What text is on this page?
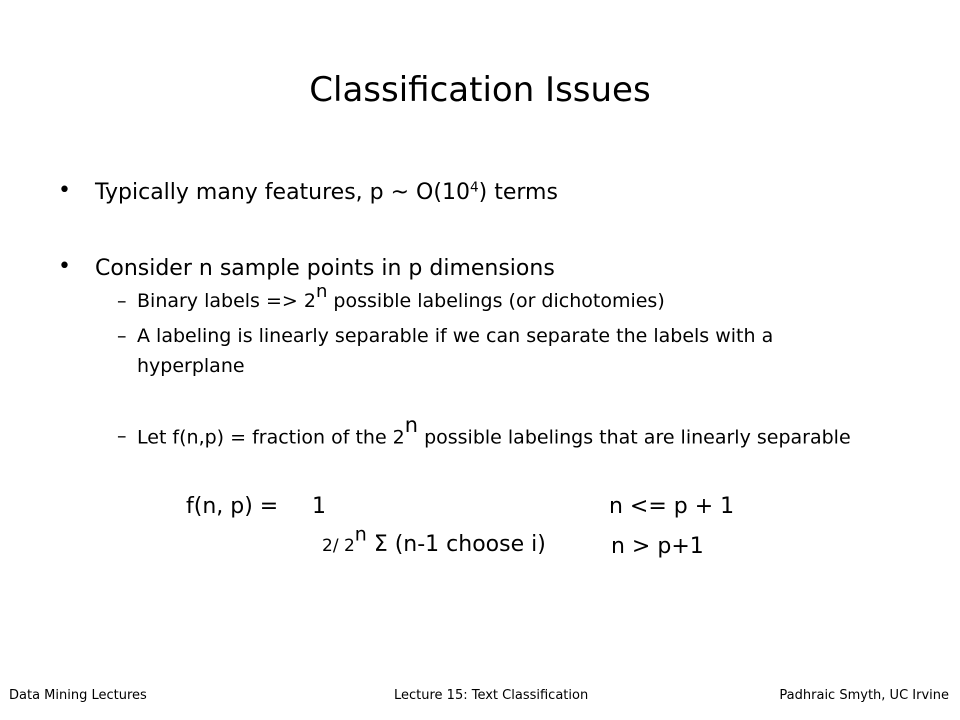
Classification Issues
• Typically many features, p ~ $O(10^4)$ terms
• Consider n sample points in p dimensions
– Binary labels => $2^n$ possible labelings (or dichotomies)
– A labeling is linearly separable if we can separate the labels with a
hyperplane
– Let f(n,p) = fraction of the 2$^n$ possible labelings that are linearly separable
f(n, p) = 1	n <= p + 1
2/ 2$^n$ Σ (n-1 choose i)	n > p+1
Data Mining Lectures	Lecture 15: Text Classification	Padhraic Smyth, UC Irvine
